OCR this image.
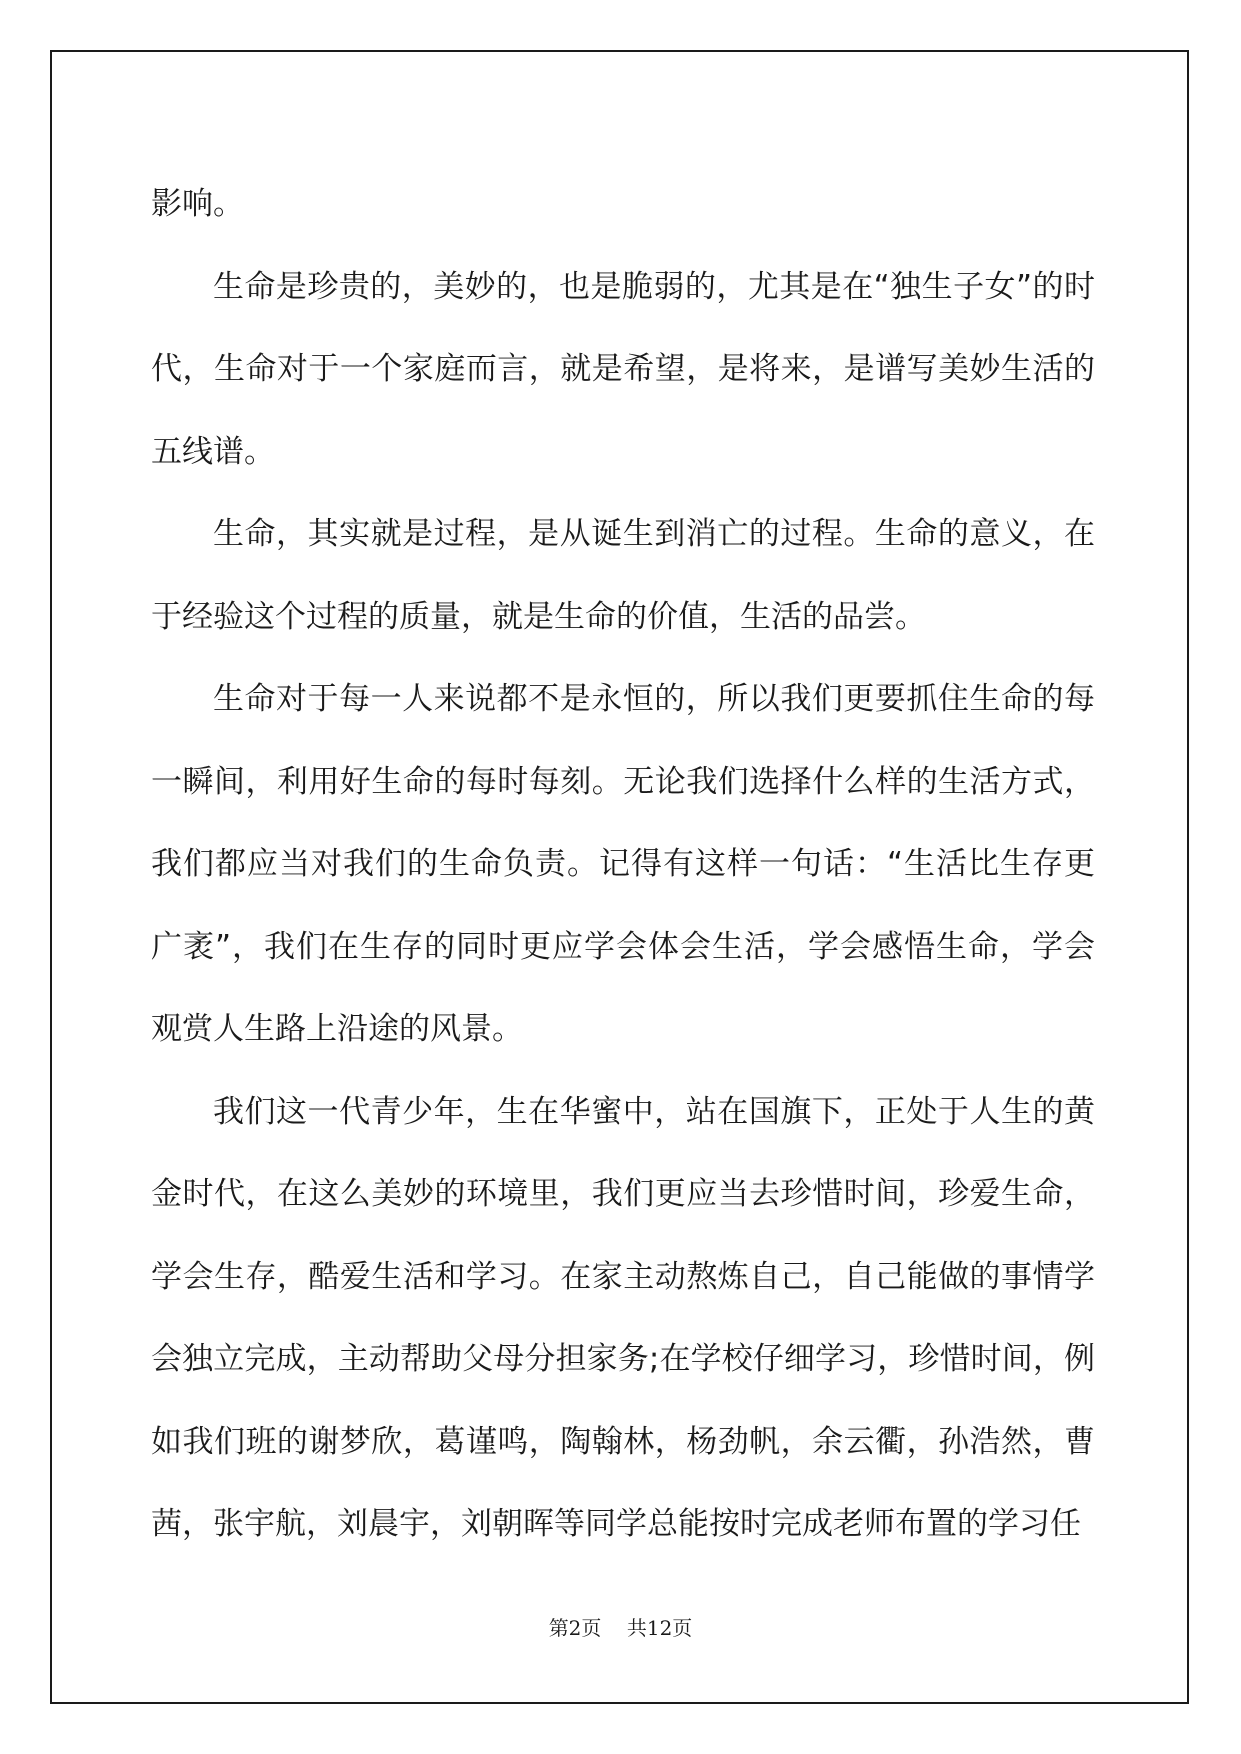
影响。

生命是珍贵的，美妙的，也是脆弱的，尤其是在“独生子女”的时代，生命对于一个家庭而言，就是希望，是将来，是谱写美妙生活的五线谱。

生命，其实就是过程，是从诞生到消亡的过程。生命的意义，在于经验这个过程的质量，就是生命的价值，生活的品尝。

生命对于每一人来说都不是永恒的，所以我们更要抓住生命的每一瞬间，利用好生命的每时每刻。无论我们选择什么样的生活方式，我们都应当对我们的生命负责。记得有这样一句话：“生活比生存更广袤”，我们在生存的同时更应学会体会生活，学会感悟生命，学会观赏人生路上沿途的风景。

我们这一代青少年，生在华蜜中，站在国旗下，正处于人生的黄金时代，在这么美妙的环境里，我们更应当去珍惜时间，珍爱生命，学会生存，酷爱生活和学习。在家主动熬炼自己，自己能做的事情学会独立完成，主动帮助父母分担家务;在学校仔细学习，珍惜时间，例如我们班的谢梦欣，葛谨鸣，陶翰林，杨劲帆，余云衢，孙浩然，曹茜，张宇航，刘晨宇，刘朝晖等同学总能按时完成老师布置的学习任

第2页    共12页
